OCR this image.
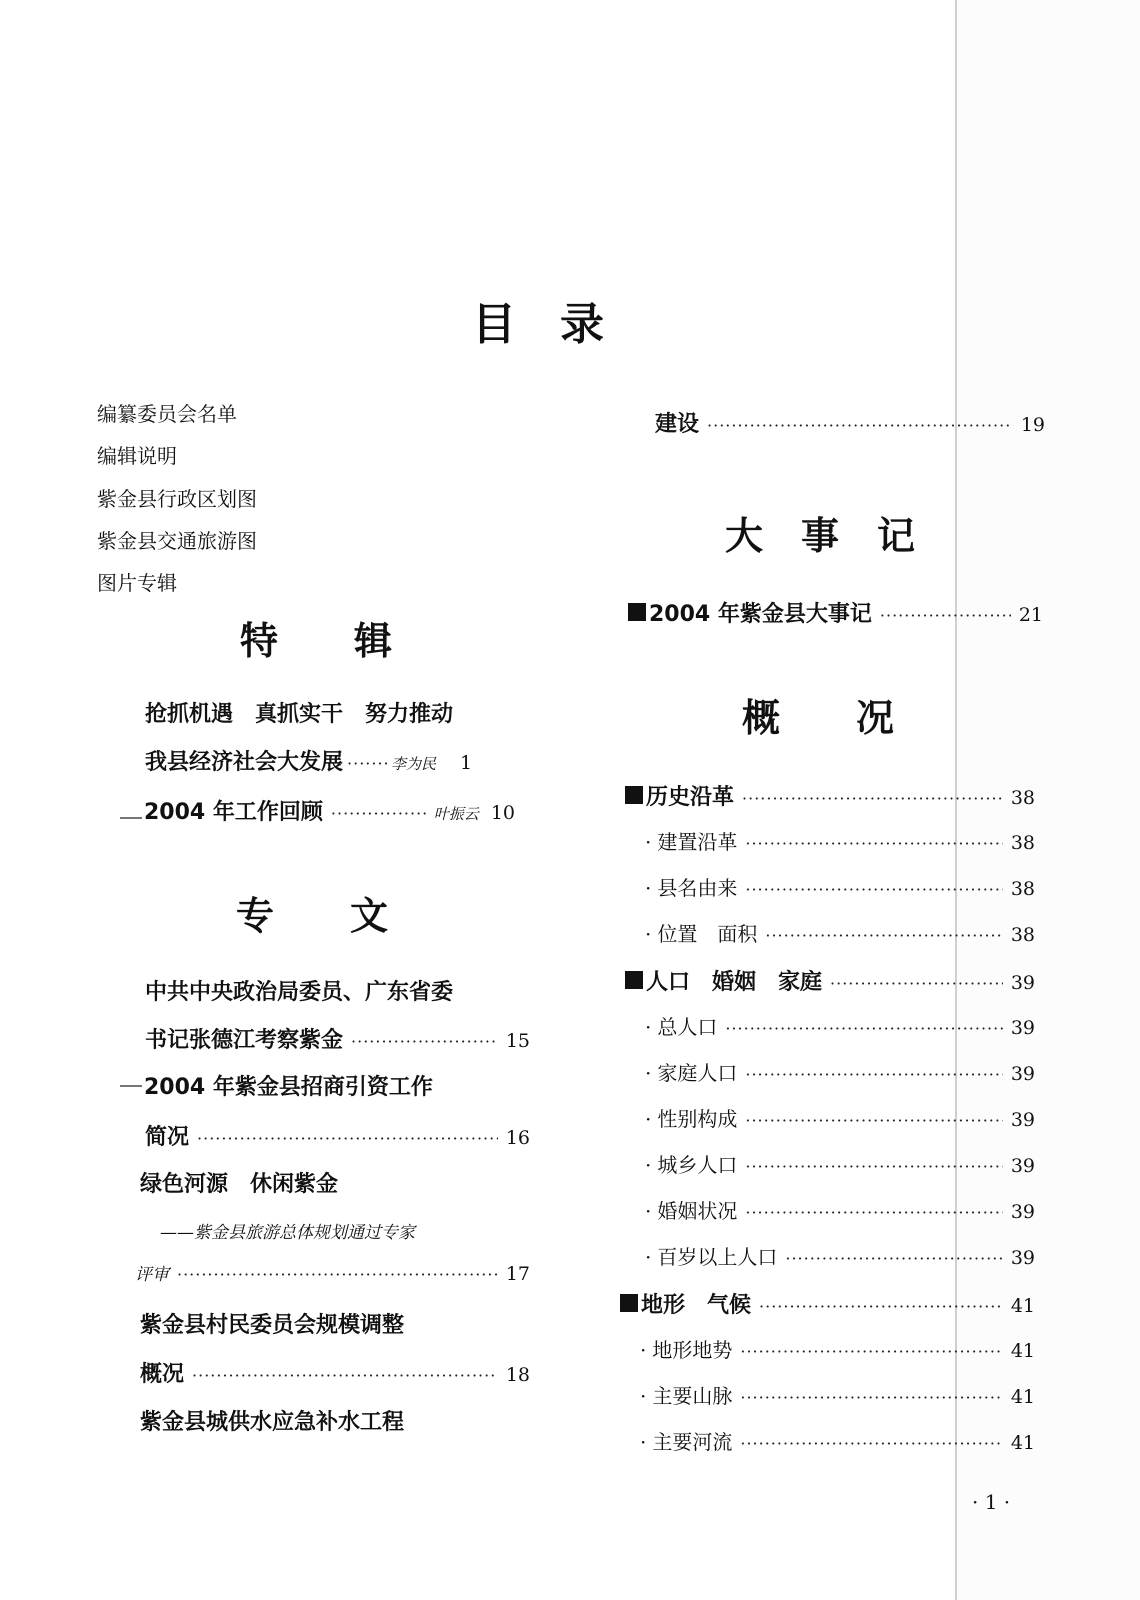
目　录
编纂委员会名单
编辑说明
紫金县行政区划图
紫金县交通旅游图
图片专辑
特　　辑
抢抓机遇　真抓实干　努力推动
我县经济社会大发展 ·····	李为民	1
2004 年工作回顾 ·····	叶振云 10
专　　文
中共中央政治局委员、广东省委
书记张德江考察紫金 ·····	15
2004 年紫金县招商引资工作
简况 ·····	16
绿色河源　休闲紫金
——紫金县旅游总体规划通过专家
评审 ·····	17
紫金县村民委员会规模调整
概况 ·····	18
紫金县城供水应急补水工程
建设 ·····	19
大　事　记
2004 年紫金县大事记 ·····	21
概　　况
历史沿革 ·····	38
· 建置沿革 ·····	38
· 县名由来 ·····	38
· 位置　面积 ·····	38
人口　婚姻　家庭 ·····	39
· 总人口 ·····	39
· 家庭人口 ·····	39
· 性别构成 ·····	39
· 城乡人口 ·····	39
· 婚姻状况 ·····	39
· 百岁以上人口 ·····	39
地形　气候 ·····	41
· 地形地势 ·····	41
· 主要山脉 ·····	41
· 主要河流 ·····	41
· 1 ·
